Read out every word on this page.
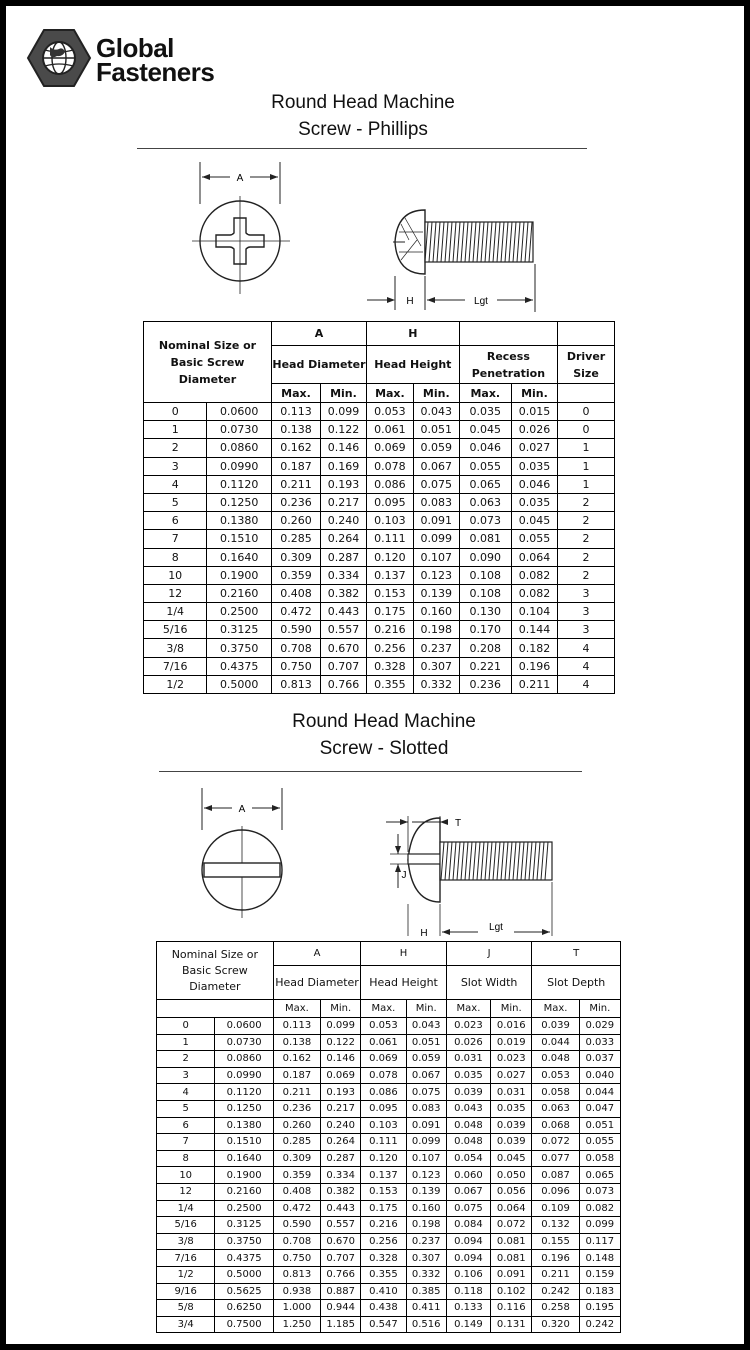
Global
Fasteners
Round Head Machine
Screw - Phillips
A
H	Lgt
Nominal Size or Basic Screw Diameter		A		H				
		Head Diameter		Head Height		Recess Penetration		Driver Size
		Max.	Min.	Max.	Min.	Max.	Min.	
0	0.0600	0.113	0.099	0.053	0.043	0.035	0.015	0
1	0.0730	0.138	0.122	0.061	0.051	0.045	0.026	0
2	0.0860	0.162	0.146	0.069	0.059	0.046	0.027	1
3	0.0990	0.187	0.169	0.078	0.067	0.055	0.035	1
4	0.1120	0.211	0.193	0.086	0.075	0.065	0.046	1
5	0.1250	0.236	0.217	0.095	0.083	0.063	0.035	2
6	0.1380	0.260	0.240	0.103	0.091	0.073	0.045	2
7	0.1510	0.285	0.264	0.111	0.099	0.081	0.055	2
8	0.1640	0.309	0.287	0.120	0.107	0.090	0.064	2
10	0.1900	0.359	0.334	0.137	0.123	0.108	0.082	2
12	0.2160	0.408	0.382	0.153	0.139	0.108	0.082	3
1/4	0.2500	0.472	0.443	0.175	0.160	0.130	0.104	3
5/16	0.3125	0.590	0.557	0.216	0.198	0.170	0.144	3
3/8	0.3750	0.708	0.670	0.256	0.237	0.208	0.182	4
7/16	0.4375	0.750	0.707	0.328	0.307	0.221	0.196	4
1/2	0.5000	0.813	0.766	0.355	0.332	0.236	0.211	4
Round Head Machine
Screw - Slotted
A
T
J
H
Lgt
Nominal Size or Basic Screw Diameter		A		H		J		T	
		Head Diameter		Head Height		Slot Width		Slot Depth	
		Max.	Min.	Max.	Min.	Max.	Min.	Max.	Min.
0	0.0600	0.113	0.099	0.053	0.043	0.023	0.016	0.039	0.029
1	0.0730	0.138	0.122	0.061	0.051	0.026	0.019	0.044	0.033
2	0.0860	0.162	0.146	0.069	0.059	0.031	0.023	0.048	0.037
3	0.0990	0.187	0.069	0.078	0.067	0.035	0.027	0.053	0.040
4	0.1120	0.211	0.193	0.086	0.075	0.039	0.031	0.058	0.044
5	0.1250	0.236	0.217	0.095	0.083	0.043	0.035	0.063	0.047
6	0.1380	0.260	0.240	0.103	0.091	0.048	0.039	0.068	0.051
7	0.1510	0.285	0.264	0.111	0.099	0.048	0.039	0.072	0.055
8	0.1640	0.309	0.287	0.120	0.107	0.054	0.045	0.077	0.058
10	0.1900	0.359	0.334	0.137	0.123	0.060	0.050	0.087	0.065
12	0.2160	0.408	0.382	0.153	0.139	0.067	0.056	0.096	0.073
1/4	0.2500	0.472	0.443	0.175	0.160	0.075	0.064	0.109	0.082
5/16	0.3125	0.590	0.557	0.216	0.198	0.084	0.072	0.132	0.099
3/8	0.3750	0.708	0.670	0.256	0.237	0.094	0.081	0.155	0.117
7/16	0.4375	0.750	0.707	0.328	0.307	0.094	0.081	0.196	0.148
1/2	0.5000	0.813	0.766	0.355	0.332	0.106	0.091	0.211	0.159
9/16	0.5625	0.938	0.887	0.410	0.385	0.118	0.102	0.242	0.183
5/8	0.6250	1.000	0.944	0.438	0.411	0.133	0.116	0.258	0.195
3/4	0.7500	1.250	1.185	0.547	0.516	0.149	0.131	0.320	0.242
